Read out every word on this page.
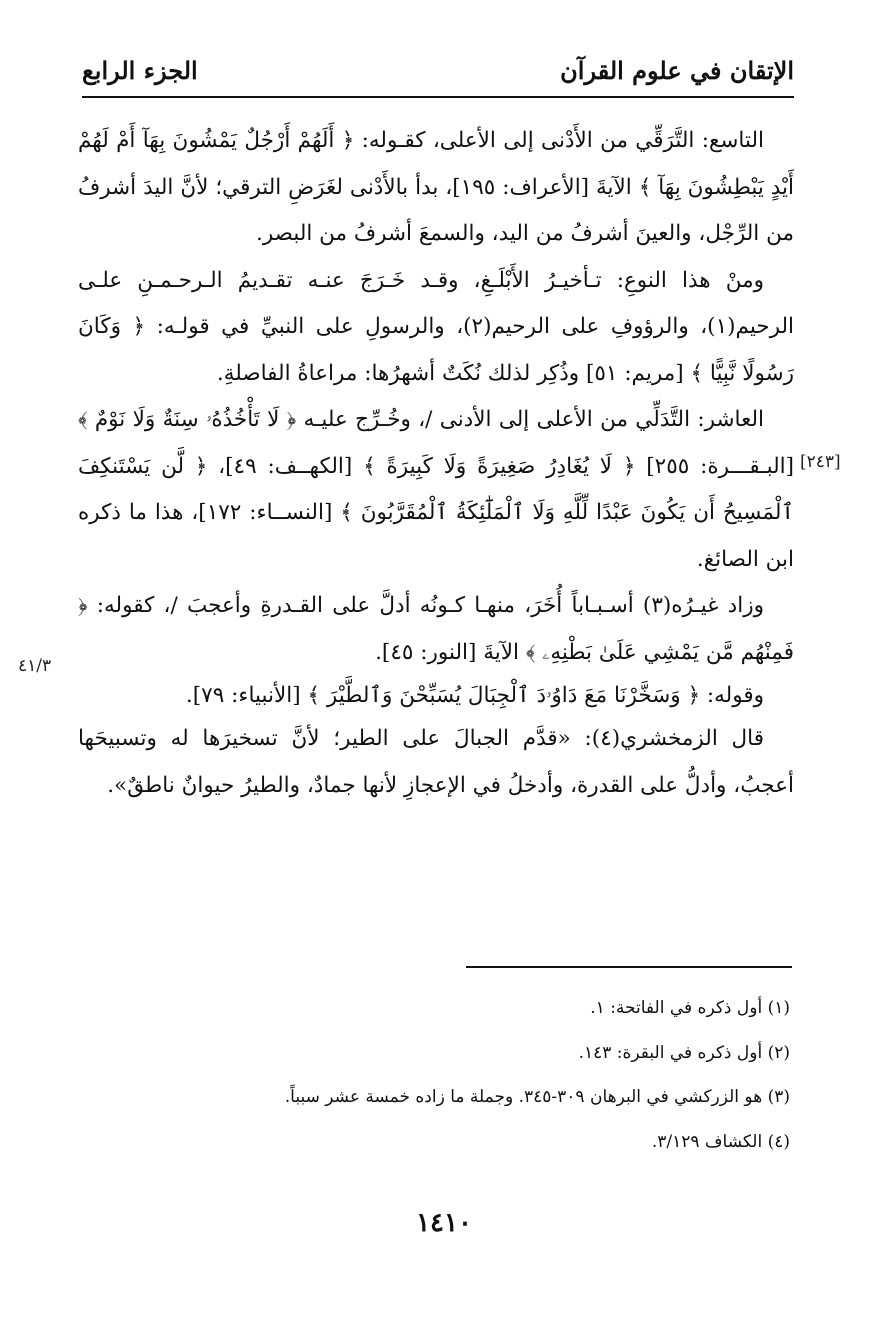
الإتقان في علوم القرآن
الجزء الرابع
[۲٤٣]
٤١/٣

التاسع: التَّرَقِّي من الأَدْنى إلى الأعلى، كقـوله: ﴿ أَلَهُمْ أَرْجُلٌ يَمْشُونَ بِهَآ أَمْ لَهُمْ أَيْدٍ يَبْطِشُونَ بِهَآ ﴾ الآيةَ [الأعراف: ١٩٥]، بدأ بالأَدْنى لغَرَضِ الترقي؛ لأنَّ اليدَ أشرفُ من الرِّجْل، والعينَ أشرفُ من اليد، والسمعَ أشرفُ من البصر.

ومنْ هذا النوعِ: تـأخيـرُ الأَبْلَـغِ، وقـد خَـرَجَ عنـه تقـديمُ الـرحـمـنِ علـى الرحيم(١)، والرؤوفِ على الرحيم(٢)، والرسولِ على النبيِّ في قولـه: ﴿ وَكَانَ رَسُولًا نَّبِيًّا ﴾ [مريم: ٥١] وذُكِر لذلك نُكَتٌ أشهرُها: مراعاةُ الفاصلةِ.

العاشر: التَّدَلِّي من الأعلى إلى الأدنى /، وخُـرِّج عليـه ﴿ لَا تَأْخُذُهُۥ سِنَةٌ وَلَا نَوْمٌ ﴾ [البـقـــرة: ٢٥٥] ﴿ لَا يُغَادِرُ صَغِيرَةً وَلَا كَبِيرَةً ﴾ [الكهــف: ٤٩]، ﴿ لَّن يَسْتَنكِفَ ٱلْمَسِيحُ أَن يَكُونَ عَبْدًا لِّلَّهِ وَلَا ٱلْمَلَٰٓئِكَةُ ٱلْمُقَرَّبُونَ ﴾ [النســاء: ١٧٢]، هذا ما ذكره ابن الصائغ.

وزاد غيـرُه(٣) أسـبـاباً أُخَرَ، منهـا كـونُه أدلَّ على القـدرةِ وأعجبَ /، كقوله: ﴿ فَمِنْهُم مَّن يَمْشِي عَلَىٰ بَطْنِهِۦ ﴾ الآيةَ [النور: ٤٥].

وقوله: ﴿ وَسَخَّرْنَا مَعَ دَاوُۥدَ ٱلْجِبَالَ يُسَبِّحْنَ وَٱلطَّيْرَ ﴾ [الأنبياء: ٧٩].

قال الزمخشري(٤): «قدَّم الجبالَ على الطير؛ لأنَّ تسخيرَها له وتسبيحَها أعجبُ، وأدلُّ على القدرة، وأدخلُ في الإعجازِ لأنها جمادٌ، والطيرُ حيوانٌ ناطقٌ».

(١) أول ذكره في الفاتحة: ١.
(٢) أول ذكره في البقرة: ١٤٣.
(٣) هو الزركشي في البرهان ٣٠٩-٣٤٥. وجملة ما زاده خمسة عشر سبباً.
(٤) الكشاف ٣/١٢٩.
١٤١٠
